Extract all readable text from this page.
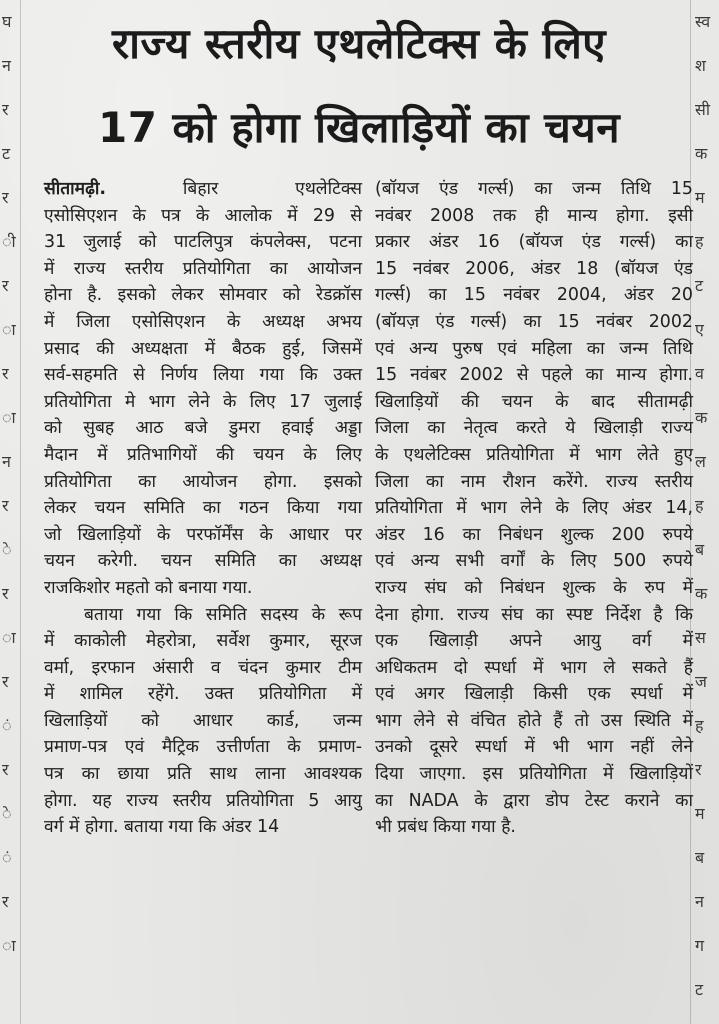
घ
न
र
ट
र
ी
र
ा
र
ा
न
र
े
र
ा
र
ं
र
े
ं
र
ा
स्व
श
सी
क
म
ह
ट
ए
व
क
ल
ह
ब
क
स
ज
ह
र
म
ब
न
ग
ट
राज्य स्तरीय एथलेटिक्स के लिए
17 को होगा खिलाड़ियों का चयन
सीतामढ़ी.	बिहार एथलेटिक्स
एसोसिएशन के पत्र के आलोक में 29 से
31 जुलाई को पाटलिपुत्र कंपलेक्स, पटना
में राज्य स्तरीय प्रतियोगिता का आयोजन
होना है. इसको लेकर सोमवार को रेडक्रॉस
में जिला एसोसिएशन के अध्यक्ष अभय
प्रसाद की अध्यक्षता में बैठक हुई, जिसमें
सर्व-सहमति से निर्णय लिया गया कि उक्त
प्रतियोगिता मे भाग लेने के लिए 17 जुलाई
को सुबह आठ बजे डुमरा हवाई अड्डा
मैदान में प्रतिभागियों की चयन के लिए
प्रतियोगिता का आयोजन होगा. इसको
लेकर चयन समिति का गठन किया गया
जो खिलाड़ियों के परफॉर्मेंस के आधार पर
चयन करेगी. चयन समिति का अध्यक्ष
राजकिशोर महतो को बनाया गया.
बताया गया कि समिति सदस्य के रूप
में काकोली मेहरोत्रा, सर्वेश कुमार, सूरज
वर्मा, इरफान अंसारी व चंदन कुमार टीम
में शामिल रहेंगे. उक्त प्रतियोगिता में
खिलाड़ियों को आधार कार्ड, जन्म
प्रमाण-पत्र एवं मैट्रिक उत्तीर्णता के प्रमाण-
पत्र का छाया प्रति साथ लाना आवश्यक
होगा. यह राज्य स्तरीय प्रतियोगिता 5 आयु
वर्ग में होगा. बताया गया कि अंडर 14
(बॉयज एंड गर्ल्स) का जन्म तिथि 15
नवंबर 2008 तक ही मान्य होगा. इसी
प्रकार अंडर 16 (बॉयज एंड गर्ल्स) का
15 नवंबर 2006, अंडर 18 (बॉयज एंड
गर्ल्स) का 15 नवंबर 2004, अंडर 20
(बॉयज़ एंड गर्ल्स) का 15 नवंबर 2002
एवं अन्य पुरुष एवं महिला का जन्म तिथि
15 नवंबर 2002 से पहले का मान्य होगा.
खिलाड़ियों की चयन के बाद सीतामढ़ी
जिला का नेतृत्व करते ये खिलाड़ी राज्य
के एथलेटिक्स प्रतियोगिता में भाग लेते हुए
जिला का नाम रौशन करेंगे. राज्य स्तरीय
प्रतियोगिता में भाग लेने के लिए अंडर 14,
अंडर 16 का निबंधन शुल्क 200 रुपये
एवं अन्य सभी वर्गों के लिए 500 रुपये
राज्य संघ को निबंधन शुल्क के रुप में
देना होगा. राज्य संघ का स्पष्ट निर्देश है कि
एक खिलाड़ी अपने आयु वर्ग में
अधिकतम दो स्पर्धा में भाग ले सकते हैं
एवं अगर खिलाड़ी किसी एक स्पर्धा में
भाग लेने से वंचित होते हैं तो उस स्थिति में
उनको दूसरे स्पर्धा में भी भाग नहीं लेने
दिया जाएगा. इस प्रतियोगिता में खिलाड़ियों
का NADA के द्वारा डोप टेस्ट कराने का
भी प्रबंध किया गया है.
